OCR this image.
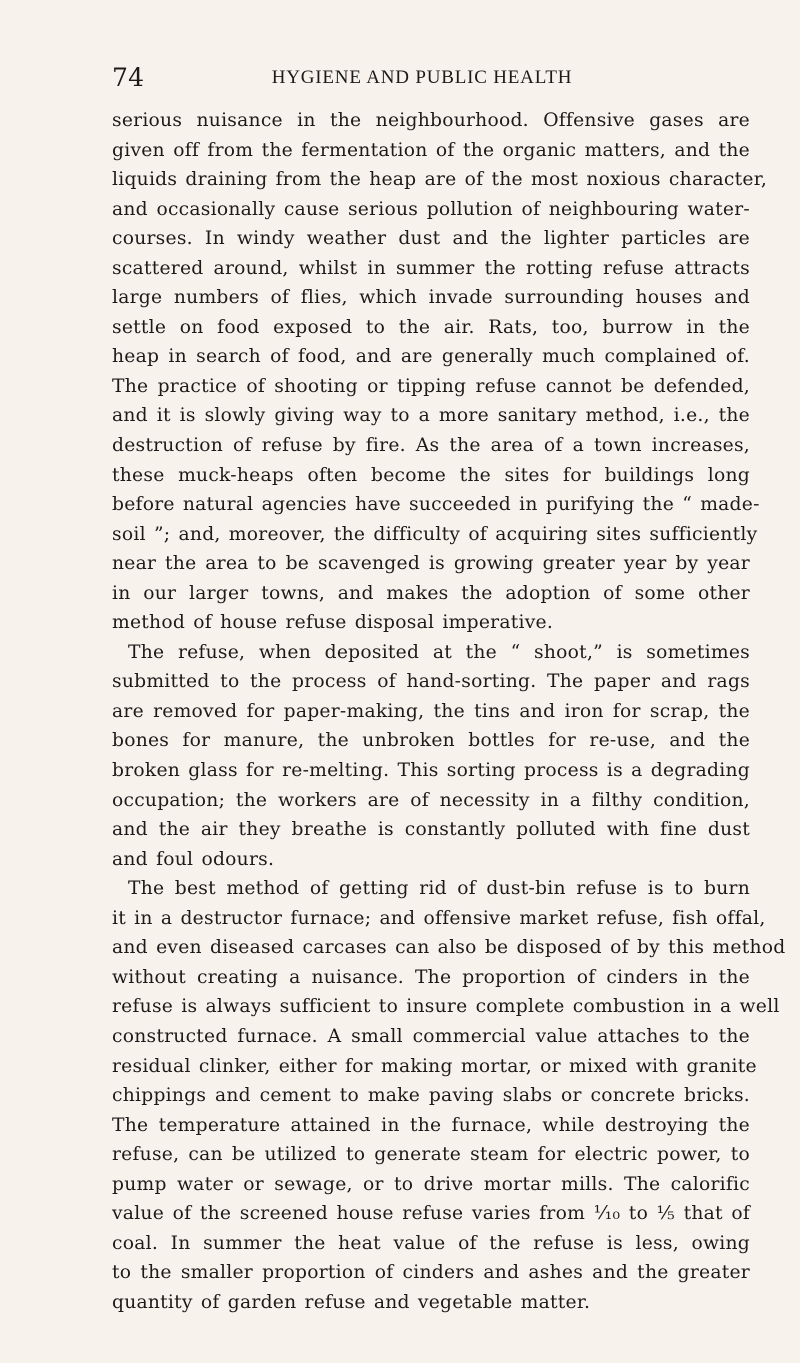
74	HYGIENE AND PUBLIC HEALTH
serious nuisance in the neighbourhood. Offensive gases are
given off from the fermentation of the organic matters, and the
liquids draining from the heap are of the most noxious character,
and occasionally cause serious pollution of neighbouring water-
courses. In windy weather dust and the lighter particles are
scattered around, whilst in summer the rotting refuse attracts
large numbers of flies, which invade surrounding houses and
settle on food exposed to the air. Rats, too, burrow in the
heap in search of food, and are generally much complained of.
The practice of shooting or tipping refuse cannot be defended,
and it is slowly giving way to a more sanitary method, i.e., the
destruction of refuse by fire. As the area of a town increases,
these muck-heaps often become the sites for buildings long
before natural agencies have succeeded in purifying the “ made-
soil ”; and, moreover, the difficulty of acquiring sites sufficiently
near the area to be scavenged is growing greater year by year
in our larger towns, and makes the adoption of some other
method of house refuse disposal imperative.
The refuse, when deposited at the “ shoot,” is sometimes
submitted to the process of hand-sorting. The paper and rags
are removed for paper-making, the tins and iron for scrap, the
bones for manure, the unbroken bottles for re-use, and the
broken glass for re-melting. This sorting process is a degrading
occupation; the workers are of necessity in a filthy condition,
and the air they breathe is constantly polluted with fine dust
and foul odours.
The best method of getting rid of dust-bin refuse is to burn
it in a destructor furnace; and offensive market refuse, fish offal,
and even diseased carcases can also be disposed of by this method
without creating a nuisance. The proportion of cinders in the
refuse is always sufficient to insure complete combustion in a well
constructed furnace. A small commercial value attaches to the
residual clinker, either for making mortar, or mixed with granite
chippings and cement to make paving slabs or concrete bricks.
The temperature attained in the furnace, while destroying the
refuse, can be utilized to generate steam for electric power, to
pump water or sewage, or to drive mortar mills. The calorific
value of the screened house refuse varies from ¹⁄₁₀ to ⅕ that of
coal. In summer the heat value of the refuse is less, owing
to the smaller proportion of cinders and ashes and the greater
quantity of garden refuse and vegetable matter.
